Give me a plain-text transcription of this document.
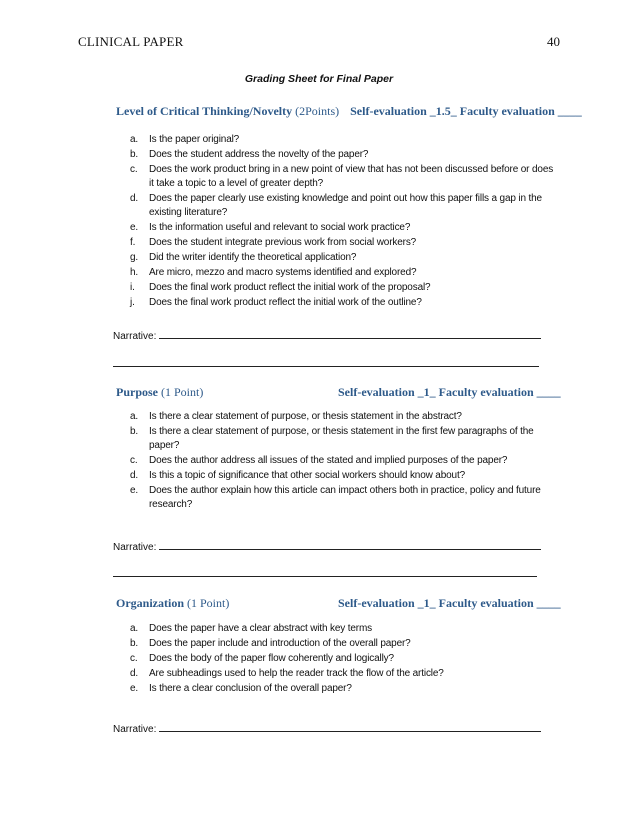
CLINICAL PAPER	40
Grading Sheet for Final Paper
Level of Critical Thinking/Novelty (2Points) Self-evaluation _1.5_ Faculty evaluation ____
a. Is the paper original?
b. Does the student address the novelty of the paper?
c. Does the work product bring in a new point of view that has not been discussed before or does it take a topic to a level of greater depth?
d. Does the paper clearly use existing knowledge and point out how this paper fills a gap in the existing literature?
e. Is the information useful and relevant to social work practice?
f. Does the student integrate previous work from social workers?
g. Did the writer identify the theoretical application?
h. Are micro, mezzo and macro systems identified and explored?
i. Does the final work product reflect the initial work of the proposal?
j. Does the final work product reflect the initial work of the outline?
Narrative:
Purpose (1 Point)	Self-evaluation _1_ Faculty evaluation ____
a. Is there a clear statement of purpose, or thesis statement in the abstract?
b. Is there a clear statement of purpose, or thesis statement in the first few paragraphs of the paper?
c. Does the author address all issues of the stated and implied purposes of the paper?
d. Is this a topic of significance that other social workers should know about?
e. Does the author explain how this article can impact others both in practice, policy and future research?
Narrative:
Organization (1 Point)	Self-evaluation _1_ Faculty evaluation ____
a. Does the paper have a clear abstract with key terms
b. Does the paper include and introduction of the overall paper?
c. Does the body of the paper flow coherently and logically?
d. Are subheadings used to help the reader track the flow of the article?
e. Is there a clear conclusion of the overall paper?
Narrative:
